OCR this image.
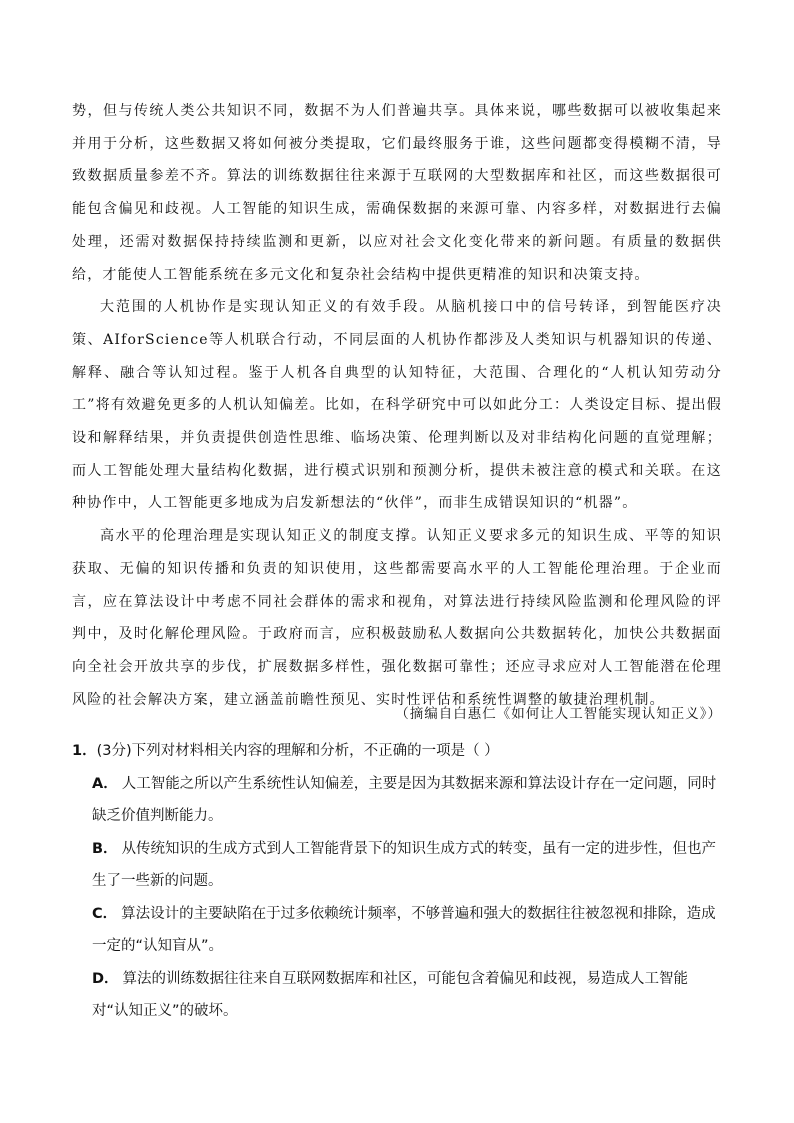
势，但与传统人类公共知识不同，数据不为人们普遍共享。具体来说，哪些数据可以被收集起来并用于分析，这些数据又将如何被分类提取，它们最终服务于谁，这些问题都变得模糊不清，导致数据质量参差不齐。算法的训练数据往往来源于互联网的大型数据库和社区，而这些数据很可能包含偏见和歧视。人工智能的知识生成，需确保数据的来源可靠、内容多样，对数据进行去偏处理，还需对数据保持持续监测和更新，以应对社会文化变化带来的新问题。有质量的数据供给，才能使人工智能系统在多元文化和复杂社会结构中提供更精准的知识和决策支持。

大范围的人机协作是实现认知正义的有效手段。从脑机接口中的信号转译，到智能医疗决策、AIforScience等人机联合行动，不同层面的人机协作都涉及人类知识与机器知识的传递、解释、融合等认知过程。鉴于人机各自典型的认知特征，大范围、合理化的“人机认知劳动分工”将有效避免更多的人机认知偏差。比如，在科学研究中可以如此分工：人类设定目标、提出假设和解释结果，并负责提供创造性思维、临场决策、伦理判断以及对非结构化问题的直觉理解；而人工智能处理大量结构化数据，进行模式识别和预测分析，提供未被注意的模式和关联。在这种协作中，人工智能更多地成为启发新想法的“伙伴”，而非生成错误知识的“机器”。

高水平的伦理治理是实现认知正义的制度支撑。认知正义要求多元的知识生成、平等的知识获取、无偏的知识传播和负责的知识使用，这些都需要高水平的人工智能伦理治理。于企业而言，应在算法设计中考虑不同社会群体的需求和视角，对算法进行持续风险监测和伦理风险的评判中，及时化解伦理风险。于政府而言，应积极鼓励私人数据向公共数据转化，加快公共数据面向全社会开放共享的步伐，扩展数据多样性，强化数据可靠性；还应寻求应对人工智能潜在伦理风险的社会解决方案，建立涵盖前瞻性预见、实时性评估和系统性调整的敏捷治理机制。

（摘编自白惠仁《如何让人工智能实现认知正义》）

1．(3分)下列对材料相关内容的理解和分析，不正确的一项是（ ）

A． 人工智能之所以产生系统性认知偏差，主要是因为其数据来源和算法设计存在一定问题，同时缺乏价值判断能力。

B． 从传统知识的生成方式到人工智能背景下的知识生成方式的转变，虽有一定的进步性，但也产生了一些新的问题。

C． 算法设计的主要缺陷在于过多依赖统计频率，不够普遍和强大的数据往往被忽视和排除，造成一定的“认知盲从”。

D． 算法的训练数据往往来自互联网数据库和社区，可能包含着偏见和歧视，易造成人工智能对“认知正义”的破坏。
